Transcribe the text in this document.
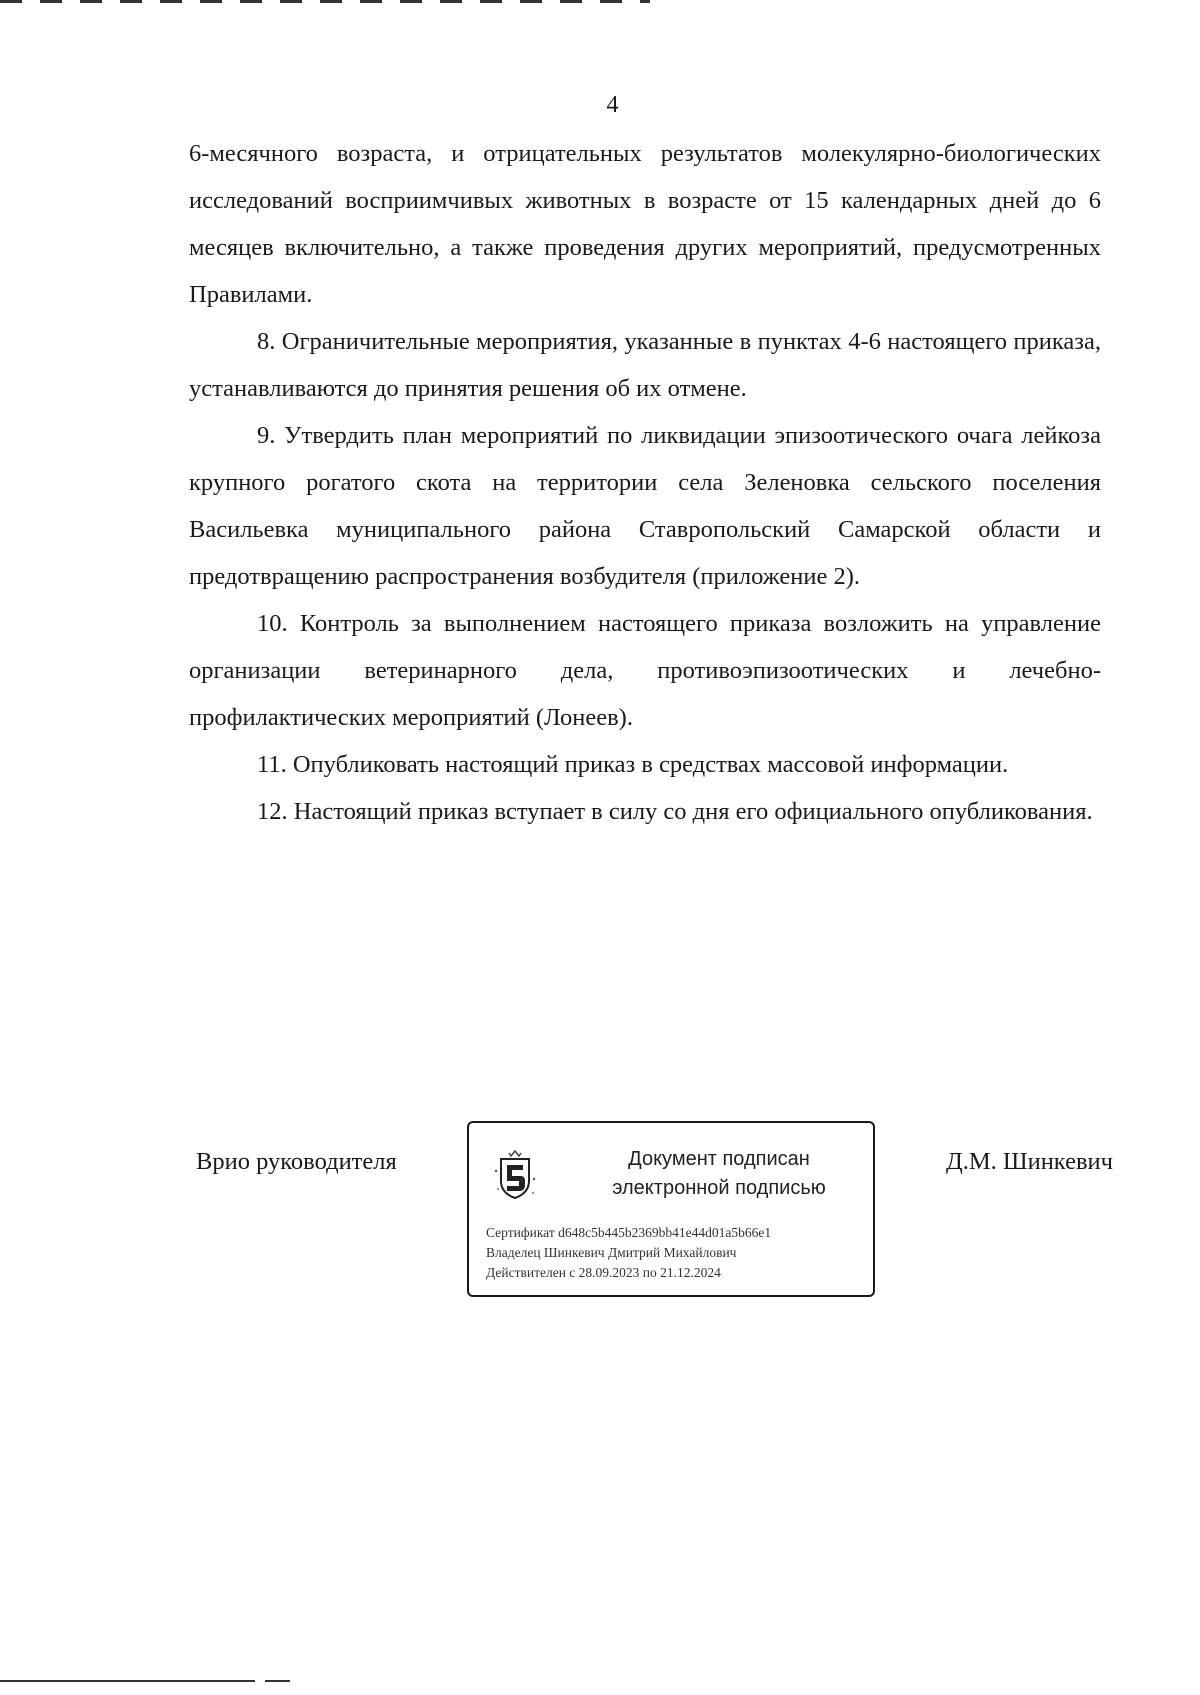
4

6-месячного возраста, и отрицательных результатов молекулярно-биологических исследований восприимчивых животных в возрасте от 15 календарных дней до 6 месяцев включительно, а также проведения других мероприятий, предусмотренных Правилами.

8. Ограничительные мероприятия, указанные в пунктах 4-6 настоящего приказа, устанавливаются до принятия решения об их отмене.

9. Утвердить план мероприятий по ликвидации эпизоотического очага лейкоза крупного рогатого скота на территории села Зеленовка сельского поселения Васильевка муниципального района Ставропольский Самарской области и предотвращению распространения возбудителя (приложение 2).

10. Контроль за выполнением настоящего приказа возложить на управление организации ветеринарного дела, противоэпизоотических и лечебно-профилактических мероприятий (Лонеев).

11. Опубликовать настоящий приказ в средствах массовой информации.

12. Настоящий приказ вступает в силу со дня его официального опубликования.

Врио руководителя	Документ подписан
электронной подписью
Сертификат d648c5b445b2369bb41e44d01a5b66e1
Владелец Шинкевич Дмитрий Михайлович
Действителен с 28.09.2023 по 21.12.2024
Д.М. Шинкевич
